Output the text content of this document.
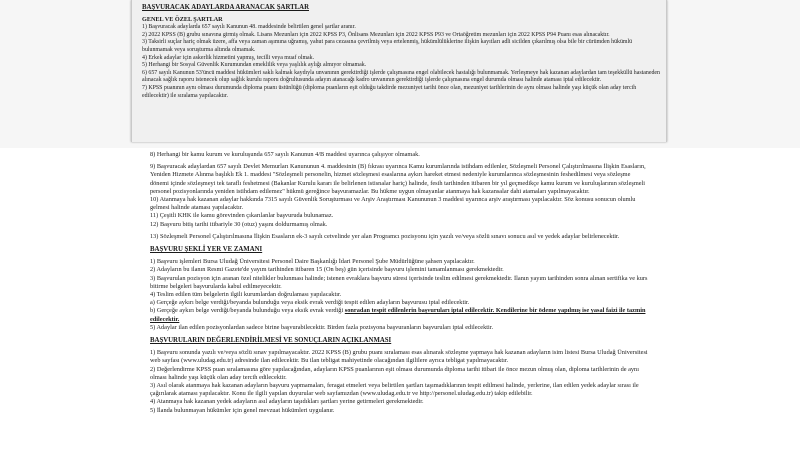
BAŞVURACAK ADAYLARDA ARANACAK ŞARTLAR

GENEL VE ÖZEL ŞARTLAR

1) Başvuracak adaylarda 657 sayılı Kanunun 48. maddesinde belirtilen genel şartlar aranır.

2) 2022 KPSS (B) grubu sınavına girmiş olmak. Lisans Mezunları için 2022 KPSS P3, Önlisans Mezunları için 2022 KPSS P93 ve Ortaöğretim mezunları için 2022 KPSS P94 Puanı esas alınacaktır.

3) Taksirli suçlar hariç olmak üzere, affa veya zaman aşımına uğramış, yahut para cezasına çevrilmiş veya ertelenmiş, hükümlülüklerine ilişkin kayıtları adli sicilden çıkarılmış olsa bile bir cürümden hükümlü bulunmamak veya soruşturma altında olmamak.

4) Erkek adaylar için askerlik hizmetini yapmış, tecilli veya muaf olmak.

5) Herhangi bir Sosyal Güvenlik Kurumundan emeklilik veya yaşlılık aylığı almıyor olmamak.

6) 657 sayılı Kanunun 53'üncü maddesi hükümleri saklı kalmak kaydıyla unvanının gerektirdiği işlerde çalışmasına engel olabilecek hastalığı bulunmamak. Yerleşmeye hak kazanan adaylardan tam teşekküllü hastaneden alınacak sağlık raporu istenecek olup sağlık kurulu raporu doğrultusunda adayın atanacağı kadro unvanının gerektirdiği işlerde çalışmasına engel durumda olması halinde ataması iptal edilecektir.

7) KPSS puanının aynı olması durumunda diploma puanı üstünlüğü (diploma puanların eşit olduğu takdirde mezuniyet tarihi önce olan, mezuniyet tarihlerinin de aynı olması halinde yaşı küçük olan aday tercih edilecektir) ile sıralama yapılacaktır.

8) Herhangi bir kamu kurum ve kuruluşunda 657 sayılı Kanunun 4/B maddesi uyarınca çalışıyor olmamak.

9) Başvuracak adaylardan 657 sayılı Devlet Memurları Kanununun 4. maddesinin (B) fıkrası uyarınca Kamu kurumlarında istihdam edilenler, Sözleşmeli Personel Çalıştırılmasına İlişkin Esasların, Yeniden Hizmete Alınma başlıklı Ek 1. maddesi "Sözleşmeli personelin, hizmet sözleşmesi esaslarına aykırı hareket etmesi nedeniyle kurumlarınca sözleşmesinin feshedilmesi veya sözleşme dönemi içinde sözleşmeyi tek taraflı feshetmesi (Bakanlar Kurulu kararı ile belirlenen istisnalar hariç) halinde, fesih tarihinden itibaren bir yıl geçmedikçe kamu kurum ve kuruluşlarının sözleşmeli personel pozisyonlarında yeniden istihdam edilemez" hükmü gereğince başvuramazlar. Bu hükme uygun olmayanlar atanmaya hak kazansalar dahi atamaları yapılmayacaktır.

10) Atanmaya hak kazanan adaylar hakkında 7315 sayılı Güvenlik Soruşturması ve Arşiv Araştırması Kanununun 3 maddesi uyarınca arşiv araştırması yapılacaktır. Söz konusu sonucun olumlu gelmesi halinde ataması yapılacaktır.

11) Çeşitli KHK ile kamu görevinden çıkarılanlar başvuruda bulunamaz.

12) Başvuru bitiş tarihi itibariyle 30 (otuz) yaşını doldurmamış olmak.

13) Sözleşmeli Personel Çalıştırılmasına İlişkin Esasların ek-3 sayılı cetvelinde yer alan Programcı pozisyonu için yazılı ve/veya sözlü sınavı sonucu asıl ve yedek adaylar belirlenecektir.

BAŞVURU ŞEKLİ YER VE ZAMANI

1) Başvuru işlemleri Bursa Uludağ Üniversitesi Personel Daire Başkanlığı İdari Personel Şube Müdürlüğüne şahsen yapılacaktır.

2) Adayların bu ilanın Resmi Gazete'de yayım tarihinden itibaren 15 (On beş) gün içerisinde başvuru işlemini tamamlanması gerekmektedir.

3) Başvurulan pozisyon için aranan özel nitelikler bulunması halinde; istenen evraklara başvuru süresi içerisinde teslim edilmesi gerekmektedir. İlanın yayım tarihinden sonra alınan sertifika ve kurs bitirme belgeleri başvurularda kabul edilmeyecektir.

4) Teslim edilen tüm belgelerin ilgili kurumlardan doğrulaması yapılacaktır.

a) Gerçeğe aykırı belge verdiği/beyanda bulunduğu veya eksik evrak verdiği tespit edilen adayların başvurusu iptal edilecektir.

b) Gerçeğe aykırı belge verdiği/beyanda bulunduğu veya eksik evrak verdiği sonradan tespit edilenlerin başvuruları iptal edilecektir. Kendilerine bir ödeme yapılmış ise yasal faizi ile tazmin edilecektir.

5) Adaylar ilan edilen pozisyonlardan sadece birine başvurabilecektir. Birden fazla pozisyona başvuranların başvuruları iptal edilecektir.

BAŞVURULARIN DEĞERLENDİRİLMESİ VE SONUÇLARIN AÇIKLANMASI

1) Başvuru sonunda yazılı ve/veya sözlü sınav yapılmayacaktır. 2022 KPSS (B) grubu puanı sıralaması esas alınarak sözleşme yapmaya hak kazanan adayların isim listesi Bursa Uludağ Üniversitesi web sayfası (www.uludag.edu.tr) adresinde ilan edilecektir. Bu ilan tebligat mahiyetinde olacağından ilgililere ayrıca tebligat yapılmayacaktır.

2) Değerlendirme KPSS puan sıralamasına göre yapılacağından, adayların KPSS puanlarının eşit olması durumunda diploma tarihi itibari ile önce mezun olmuş olan, diploma tarihlerinin de aynı olması halinde yaşı küçük olan aday tercih edilecektir.

3) Asıl olarak atanmaya hak kazanan adayların başvuru yapmamaları, feragat etmeleri veya belirtilen şartları taşımadıklarının tespit edilmesi halinde, yerlerine, ilan edilen yedek adaylar sırası ile çağırılarak ataması yapılacaktır. Konu ile ilgili yapılan duyurular web sayfamızdan (www.uludag.edu.tr ve http://personel.uludag.edu.tr) takip edilebilir.

4) Atanmaya hak kazanan yedek adayların asıl adayların taşıdıkları şartları yerine getirmeleri gerekmektedir.

5) İlanda bulunmayan hükümler için genel mevzuat hükümleri uygulanır.
